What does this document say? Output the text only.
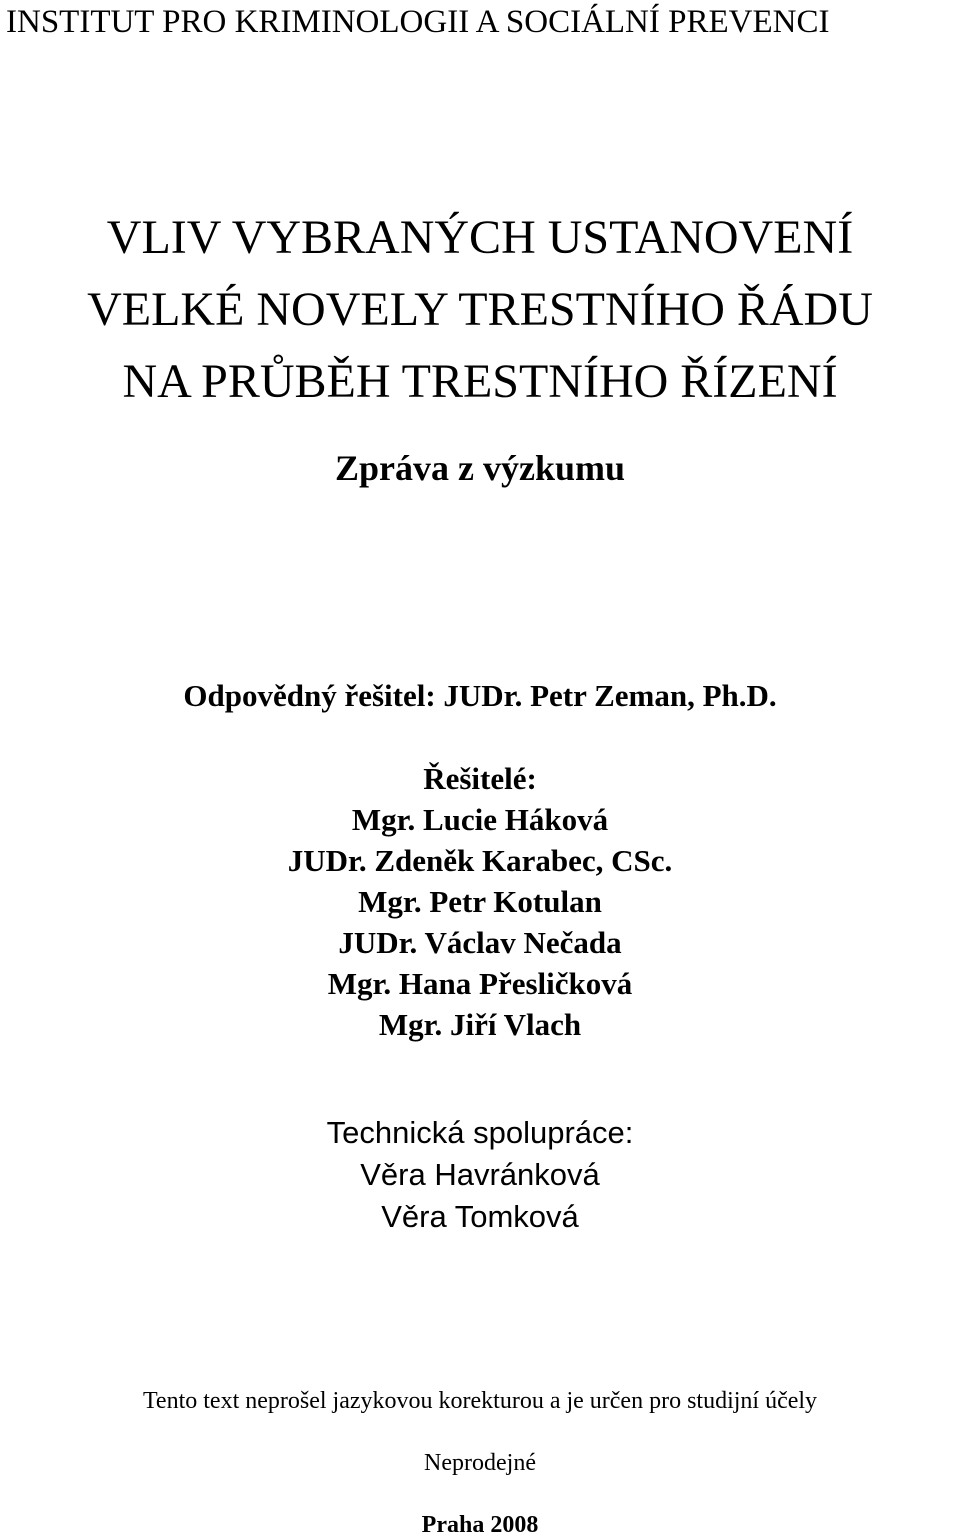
INSTITUT PRO KRIMINOLOGII A SOCIÁLNÍ PREVENCI

VLIV VYBRANÝCH USTANOVENÍ

VELKÉ NOVELY TRESTNÍHO ŘÁDU

NA PRŮBĚH TRESTNÍHO ŘÍZENÍ

Zpráva z výzkumu

Odpovědný řešitel: JUDr. Petr Zeman, Ph.D.

Řešitelé:
Mgr. Lucie Háková
JUDr. Zdeněk Karabec, CSc.
Mgr. Petr Kotulan
JUDr. Václav Nečada
Mgr. Hana Přesličková
Mgr. Jiří Vlach
Technická spolupráce:
Věra Havránková
Věra Tomková

Tento text neprošel jazykovou korekturou a je určen pro studijní účely

Neprodejné

Praha 2008
